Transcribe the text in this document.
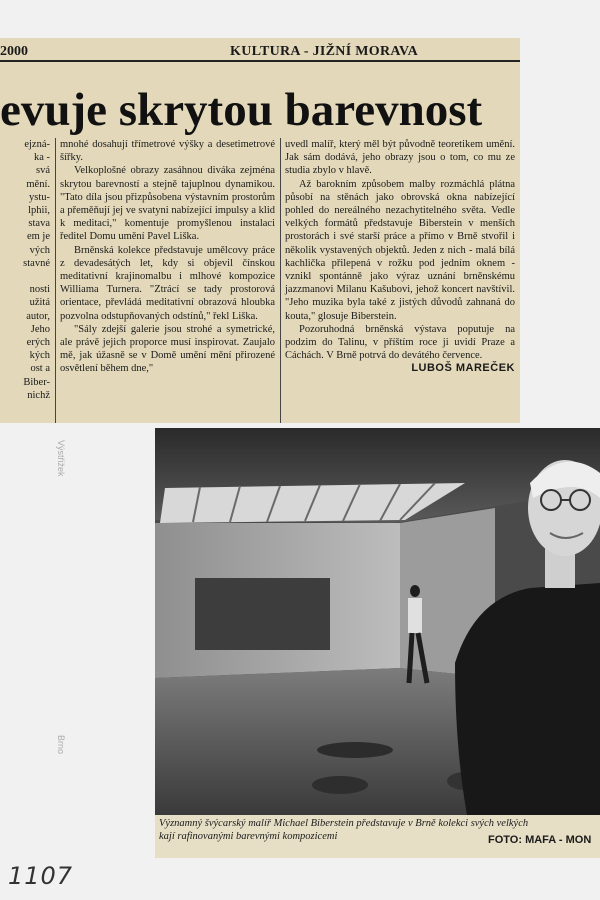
2000	KULTURA - JIŽNÍ MORAVA
evuje skrytou barevnost
ejzná-
ka -
svá
mění.
ystu-
lphii,
stava
em je
vých
stavné

nosti
užitá
autor,
Jeho
erých
kých
ost a
Biber-
nichž

mnohé dosahují třímetrové výšky a desetimetrové šířky.

Velkoplošné obrazy zasáhnou diváka zejména skrytou barevností a stejně tajuplnou dynamikou. "Tato díla jsou přizpůsobena výstavním prostorům a přeměňují jej ve svatyni nabízející impulsy a klid k meditaci," komentuje promyšlenou instalaci ředitel Domu umění Pavel Liška.

Brněnská kolekce představuje umělcovy práce z devadesátých let, kdy si objevil čínskou meditativní krajinomalbu i mlhové kompozice Williama Turnera. "Ztrácí se tady prostorová orientace, převládá meditativní obrazová hloubka pozvolna odstupňovaných odstínů," řekl Liška.

"Sály zdejší galerie jsou strohé a symetrické, ale právě jejich proporce musí inspirovat. Zaujalo mě, jak úžasně se v Domě umění mění přirozené osvětlení během dne,"

uvedl malíř, který měl být původně teoretikem umění. Jak sám dodává, jeho obrazy jsou o tom, co mu ze studia zbylo v hlavě.

Až barokním způsobem malby rozmáchlá plátna působí na stěnách jako obrovská okna nabízející pohled do nereálného nezachytitelného světa. Vedle velkých formátů představuje Biberstein v menších prostorách i své starší práce a přímo v Brně stvořil i několik vystavených objektů. Jeden z nich - malá bílá kachlička přilepená v rožku pod jedním oknem - vznikl spontánně jako výraz uznání brněnskému jazzmanovi Milanu Kašubovi, jehož koncert navštívil. "Jeho muzika byla také z jistých důvodů zahnaná do kouta," glosuje Biberstein.

Pozoruhodná brněnská výstava poputuje na podzim do Talinu, v příštím roce ji uvidí Praze a Cáchách. V Brně potrvá do devátého července.

LUBOŠ MAREČEK

Významný švýcarský malíř Michael Biberstein představuje v Brně kolekci svých velkých
kají rafinovanými barevnými kompozicemi	FOTO: MAFA - MON
Výstřižek
Brno
1107
